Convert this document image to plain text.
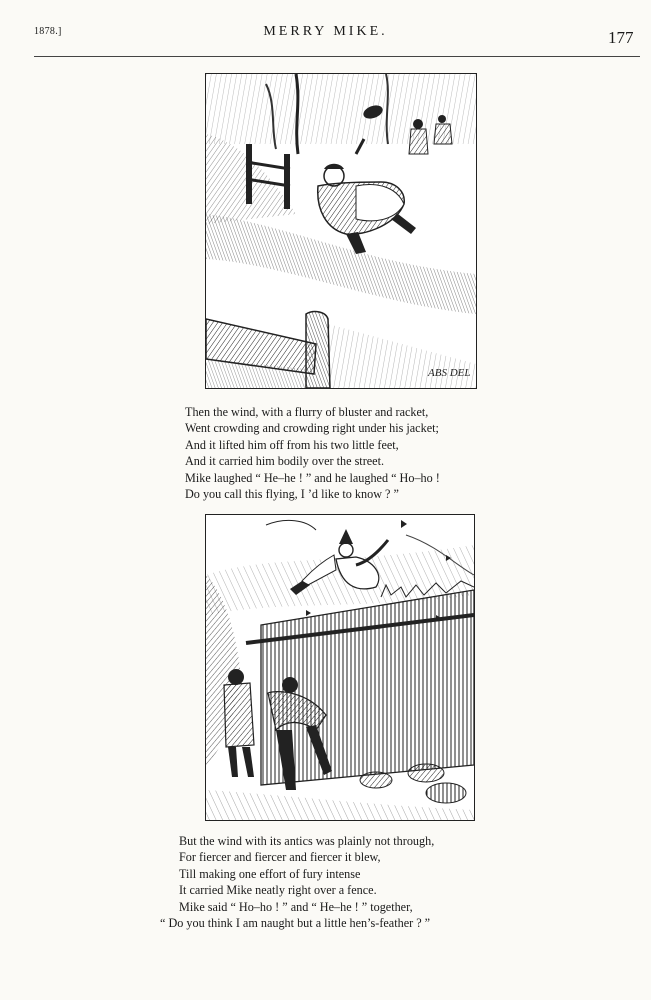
1878.]	MERRY MIKE.	177
ABS DEL
Then the wind, with a flurry of bluster and racket,
Went crowding and crowding right under his jacket;
And it lifted him off from his two little feet,
And it carried him bodily over the street.
Mike laughed “ He–he ! ” and he laughed “ Ho–ho !
Do you call this flying, I ’d like to know ? ”
But the wind with its antics was plainly not through,
For fiercer and fiercer and fiercer it blew,
Till making one effort of fury intense
It carried Mike neatly right over a fence.
Mike said “ Ho–ho ! ” and “ He–he ! ” together,
“ Do you think I am naught but a little hen’s-feather ? ”
